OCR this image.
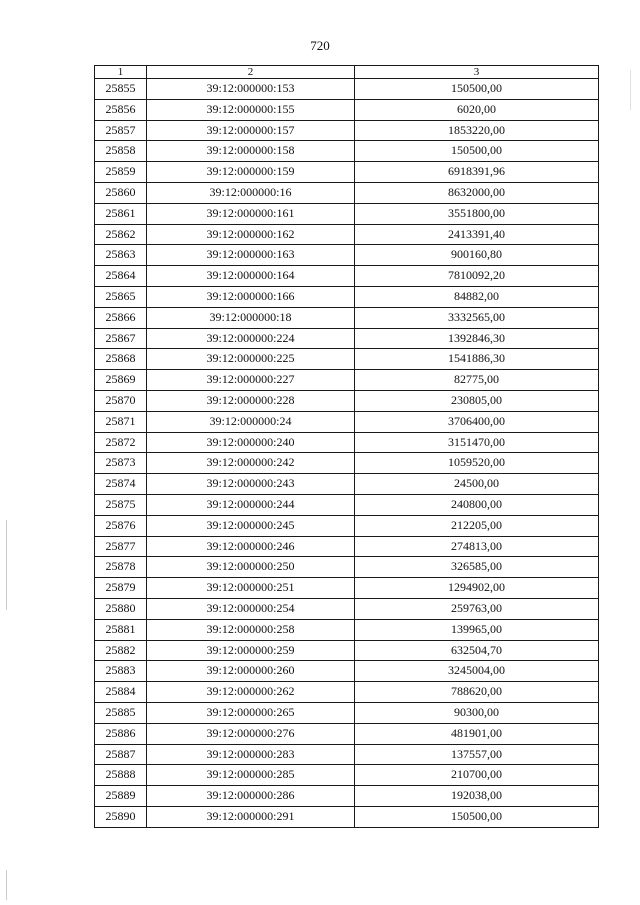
720
1	2	3
25855	39:12:000000:153	150500,00
25856	39:12:000000:155	6020,00
25857	39:12:000000:157	1853220,00
25858	39:12:000000:158	150500,00
25859	39:12:000000:159	6918391,96
25860	39:12:000000:16	8632000,00
25861	39:12:000000:161	3551800,00
25862	39:12:000000:162	2413391,40
25863	39:12:000000:163	900160,80
25864	39:12:000000:164	7810092,20
25865	39:12:000000:166	84882,00
25866	39:12:000000:18	3332565,00
25867	39:12:000000:224	1392846,30
25868	39:12:000000:225	1541886,30
25869	39:12:000000:227	82775,00
25870	39:12:000000:228	230805,00
25871	39:12:000000:24	3706400,00
25872	39:12:000000:240	3151470,00
25873	39:12:000000:242	1059520,00
25874	39:12:000000:243	24500,00
25875	39:12:000000:244	240800,00
25876	39:12:000000:245	212205,00
25877	39:12:000000:246	274813,00
25878	39:12:000000:250	326585,00
25879	39:12:000000:251	1294902,00
25880	39:12:000000:254	259763,00
25881	39:12:000000:258	139965,00
25882	39:12:000000:259	632504,70
25883	39:12:000000:260	3245004,00
25884	39:12:000000:262	788620,00
25885	39:12:000000:265	90300,00
25886	39:12:000000:276	481901,00
25887	39:12:000000:283	137557,00
25888	39:12:000000:285	210700,00
25889	39:12:000000:286	192038,00
25890	39:12:000000:291	150500,00
